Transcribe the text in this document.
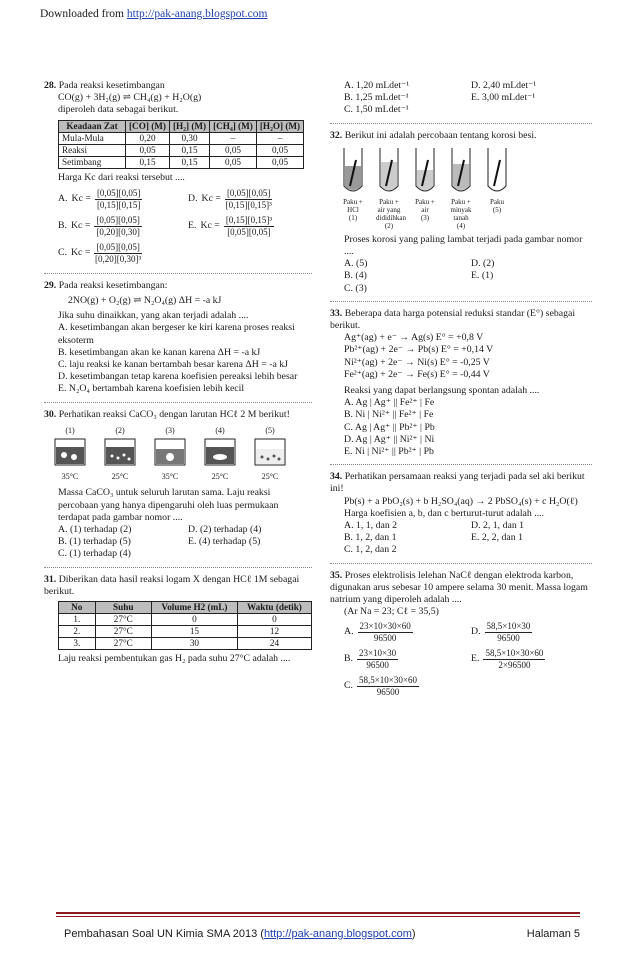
Downloaded from http://pak-anang.blogspot.com
28. Pada reaksi kesetimbangan
CO(g) + 3H₂(g) ⇌ CH₄(g) + H₂O(g)
diperoleh data sebagai berikut.
Keadaan Zat	[CO] (M)	[H₂] (M)	[CH₄] (M)	[H₂O] (M)
Mula-Mula	0,20	0,30	–	–
Reaksi	0,05	0,15	0,05	0,05
Setimbang	0,15	0,15	0,05	0,05
Harga Kc dari reaksi tersebut ....
A. $Kc = \frac{[0,05][0,05]}{[0,15][0,15]}$	D. $Kc = \frac{[0,05][0,05]}{\text{[0,15][0,15]³}}$
B. $Kc = \frac{[0,05][0,05]}{[0,20][0,30]}$	E. $Kc = \frac{\text{[0,15][0,15]³}}{[0,05][0,05]}$
C. $Kc = \frac{[0,05][0,05]}{\text{[0,20][0,30]³}}$
29. Pada reaksi kesetimbangan:
2NO(g) + O₂(g) ⇌ N₂O₄(g) ΔH = -a kJ
Jika suhu dinaikkan, yang akan terjadi adalah ....
A. kesetimbangan akan bergeser ke kiri karena proses reaksi eksoterm
B. kesetimbangan akan ke kanan karena ΔH = -a kJ
C. laju reaksi ke kanan bertambah besar karena ΔH = -a kJ
D. kesetimbangan tetap karena koefisien pereaksi lebih besar
E. N₂O₄ bertambah karena koefisien lebih kecil
30. Perhatikan reaksi CaCO₃ dengan larutan HCℓ 2 M berikut!
(1)
35°C
(2)
25°C
(3)
35°C
(4)
25°C
(5)
25°C
Massa CaCO₃ untuk seluruh larutan sama. Laju reaksi percobaan yang hanya dipengaruhi oleh luas permukaan terdapat pada gambar nomor ....
A. (1) terhadap (2)	D. (2) terhadap (4)
B. (1) terhadap (5)	E. (4) terhadap (5)
C. (1) terhadap (4)
31. Diberikan data hasil reaksi logam X dengan HCℓ 1M sebagai berikut.
No	Suhu	Volume H2 (mL)	Waktu (detik)
1.	27°C	0	0
2.	27°C	15	12
3.	27°C	30	24
Laju reaksi pembentukan gas H₂ pada suhu 27°C adalah ....
A. 1,20 mLdet⁻¹	D. 2,40 mLdet⁻¹
B. 1,25 mLdet⁻¹	E. 3,00 mLdet⁻¹
C. 1,50 mLdet⁻¹
32. Berikut ini adalah percobaan tentang korosi besi.
Paku + HCl
(1)
Paku + air yang dididihkan
(2)
Paku + air
(3)
Paku + minyak tanah
(4)
Paku
(5)
Proses korosi yang paling lambat terjadi pada gambar nomor ....
A. (5)	D. (2)
B. (4)	E. (1)
C. (3)
33. Beberapa data harga potensial reduksi standar (E°) sebagai berikut.
Ag⁺(ag) + e⁻ → Ag(s) E° = +0,8 V
Pb²⁺(ag) + 2e⁻ → Pb(s) E° = +0,14 V
Ni²⁺(ag) + 2e⁻ → Ni(s) E° = -0,25 V
Fe²⁺(ag) + 2e⁻ → Fe(s) E° = -0,44 V
Reaksi yang dapat berlangsung spontan adalah ....
A. Ag | Ag⁺ || Fe²⁺ | Fe
B. Ni | Ni²⁺ || Fe²⁺ | Fe
C. Ag | Ag⁺ || Pb²⁺ | Pb
D. Ag | Ag⁺ || Ni²⁺ | Ni
E. Ni | Ni²⁺ || Pb²⁺ | Pb
34. Perhatikan persamaan reaksi yang terjadi pada sel aki berikut ini!
Pb(s) + a PbO₂(s) + b H₂SO₄(aq) → 2 PbSO₄(s) + c H₂O(ℓ)
Harga koefisien a, b, dan c berturut-turut adalah ....
A. 1, 1, dan 2	D. 2, 1, dan 1
B. 1, 2, dan 1	E. 2, 2, dan 1
C. 1, 2, dan 2
35. Proses elektrolisis lelehan NaCℓ dengan elektroda karbon, digunakan arus sebesar 10 ampere selama 30 menit. Massa logam natrium yang diperoleh adalah ....
(Ar Na = 23; Cℓ = 35,5)
A. $\frac{23\times 10\times 30\times 60}{96500}$	D. $\frac{58,5\times 10\times 30}{96500}$
B. $\frac{23\times 10\times 30}{96500}$	E. $\frac{58,5\times 10\times 30\times 60}{2\times 96500}$
C. $\frac{58,5\times 10\times 30\times 60}{96500}$
Pembahasan Soal UN Kimia SMA 2013 (http://pak-anang.blogspot.com)	Halaman 5
